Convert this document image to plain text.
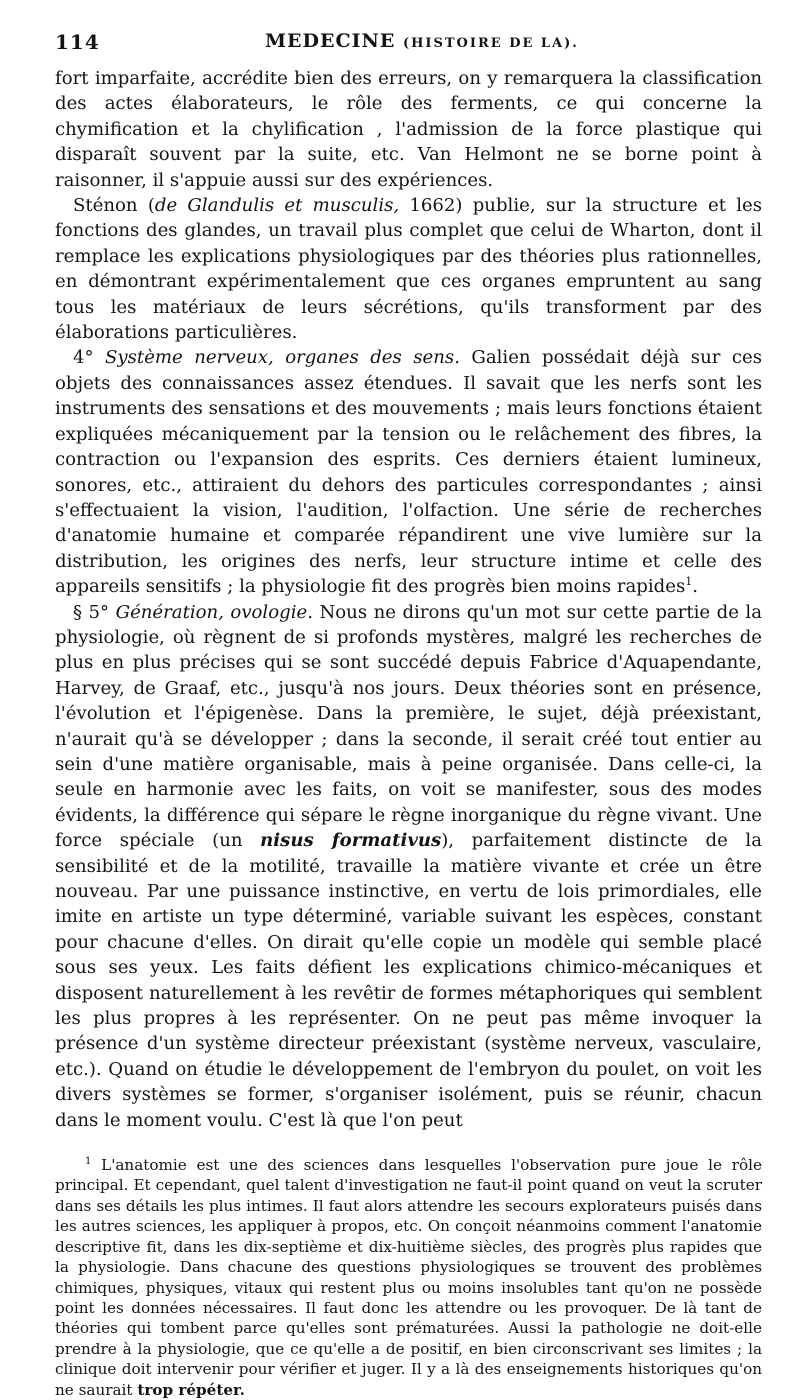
114	MEDECINE (HISTOIRE DE LA).

fort imparfaite, accrédite bien des erreurs, on y remarquera la classification des actes élaborateurs, le rôle des ferments, ce qui concerne la chymification et la chylification , l'admission de la force plastique qui disparaît souvent par la suite, etc. Van Helmont ne se borne point à raisonner, il s'appuie aussi sur des expériences.

Sténon (de Glandulis et musculis, 1662) publie, sur la structure et les fonctions des glandes, un travail plus complet que celui de Wharton, dont il remplace les explications physiologiques par des théories plus rationnelles, en démontrant expérimentalement que ces organes empruntent au sang tous les matériaux de leurs sécrétions, qu'ils transforment par des élaborations particulières.

4° Système nerveux, organes des sens. Galien possédait déjà sur ces objets des connaissances assez étendues. Il savait que les nerfs sont les instruments des sensations et des mouvements ; mais leurs fonctions étaient expliquées mécaniquement par la tension ou le relâchement des fibres, la contraction ou l'expansion des esprits. Ces derniers étaient lumineux, sonores, etc., attiraient du dehors des particules correspondantes ; ainsi s'effectuaient la vision, l'audition, l'olfaction. Une série de recherches d'anatomie humaine et comparée répandirent une vive lumière sur la distribution, les origines des nerfs, leur structure intime et celle des appareils sensitifs ; la physiologie fit des progrès bien moins rapides$^1$.

§ 5° Génération, ovologie. Nous ne dirons qu'un mot sur cette partie de la physiologie, où règnent de si profonds mystères, malgré les recherches de plus en plus précises qui se sont succédé depuis Fabrice d'Aquapendante, Harvey, de Graaf, etc., jusqu'à nos jours. Deux théories sont en présence, l'évolution et l'épigenèse. Dans la première, le sujet, déjà préexistant, n'aurait qu'à se développer ; dans la seconde, il serait créé tout entier au sein d'une matière organisable, mais à peine organisée. Dans celle-ci, la seule en harmonie avec les faits, on voit se manifester, sous des modes évidents, la différence qui sépare le règne inorganique du règne vivant. Une force spéciale (un nisus formativus), parfaitement distincte de la sensibilité et de la motilité, travaille la matière vivante et crée un être nouveau. Par une puissance instinctive, en vertu de lois primordiales, elle imite en artiste un type déterminé, variable suivant les espèces, constant pour chacune d'elles. On dirait qu'elle copie un modèle qui semble placé sous ses yeux. Les faits défient les explications chimico-mécaniques et disposent naturellement à les revêtir de formes métaphoriques qui semblent les plus propres à les représenter. On ne peut pas même invoquer la présence d'un système directeur préexistant (système nerveux, vasculaire, etc.). Quand on étudie le développement de l'embryon du poulet, on voit les divers systèmes se former, s'organiser isolément, puis se réunir, chacun dans le moment voulu. C'est là que l'on peut

$^1$ L'anatomie est une des sciences dans lesquelles l'observation pure joue le rôle principal. Et cependant, quel talent d'investigation ne faut-il point quand on veut la scruter dans ses détails les plus intimes. Il faut alors attendre les secours explorateurs puisés dans les autres sciences, les appliquer à propos, etc. On conçoit néanmoins comment l'anatomie descriptive fit, dans les dix-septième et dix-huitième siècles, des progrès plus rapides que la physiologie. Dans chacune des questions physiologiques se trouvent des problèmes chimiques, physiques, vitaux qui restent plus ou moins insolubles tant qu'on ne possède point les données nécessaires. Il faut donc les attendre ou les provoquer. De là tant de théories qui tombent parce qu'elles sont prématurées. Aussi la pathologie ne doit-elle prendre à la physiologie, que ce qu'elle a de positif, en bien circonscrivant ses limites ; la clinique doit intervenir pour vérifier et juger. Il y a là des enseignements historiques qu'on ne saurait trop répéter.
